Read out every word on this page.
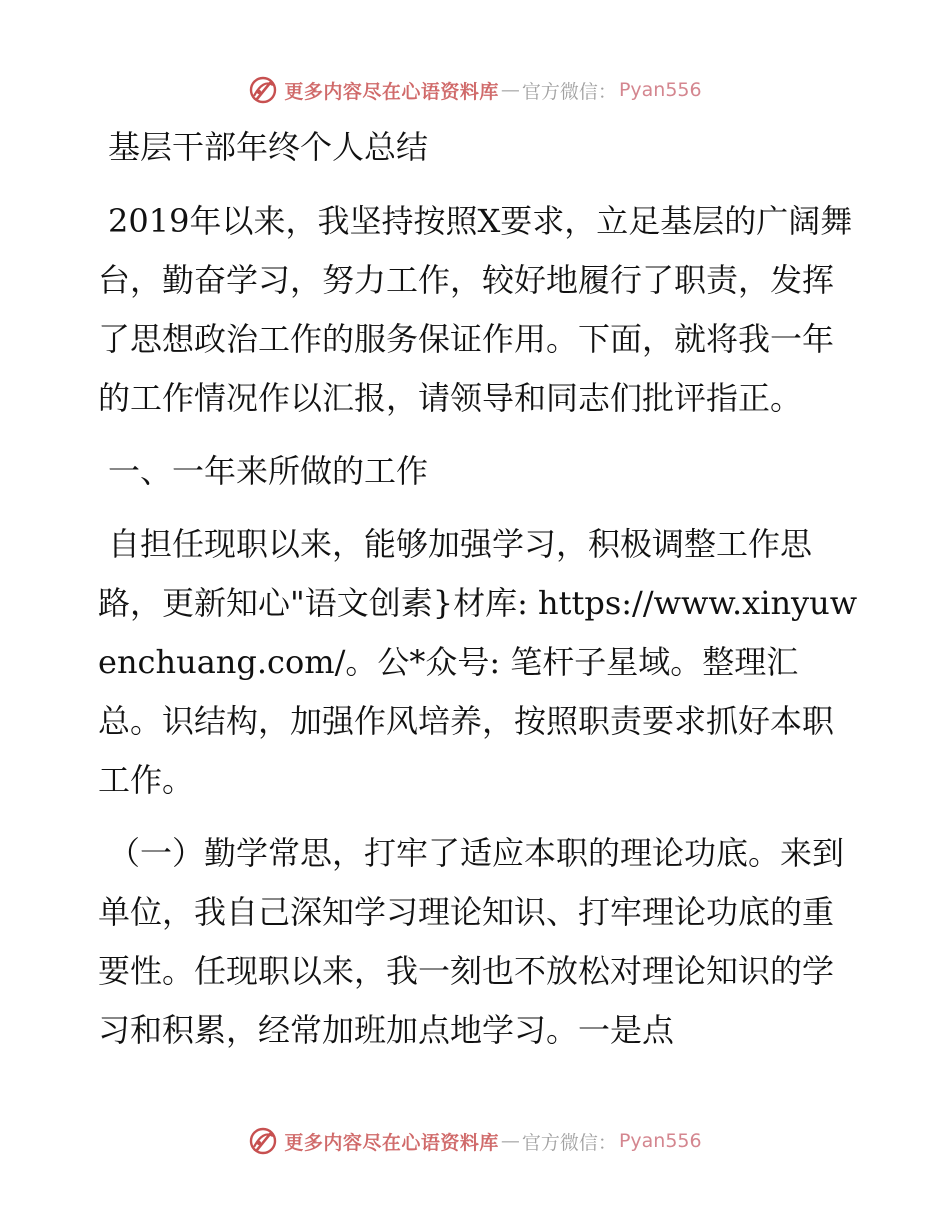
更多内容尽在心语资料库 — 官方微信： Pyan556

基层干部年终个人总结

2019年以来，我坚持按照X要求，立足基层的广阔舞台，勤奋学习，努力工作，较好地履行了职责，发挥了思想政治工作的服务保证作用。下面，就将我一年的工作情况作以汇报，请领导和同志们批评指正。

一、一年来所做的工作

自担任现职以来，能够加强学习，积极调整工作思路，更新知心"语文创素}材库: https://www.xinyuwenchuang.com/。公*众号: 笔杆子星域。整理汇总。识结构，加强作风培养，按照职责要求抓好本职工作。

（一）勤学常思，打牢了适应本职的理论功底。来到单位，我自己深知学习理论知识、打牢理论功底的重要性。任现职以来，我一刻也不放松对理论知识的学习和积累，经常加班加点地学习。一是点

更多内容尽在心语资料库 — 官方微信： Pyan556
